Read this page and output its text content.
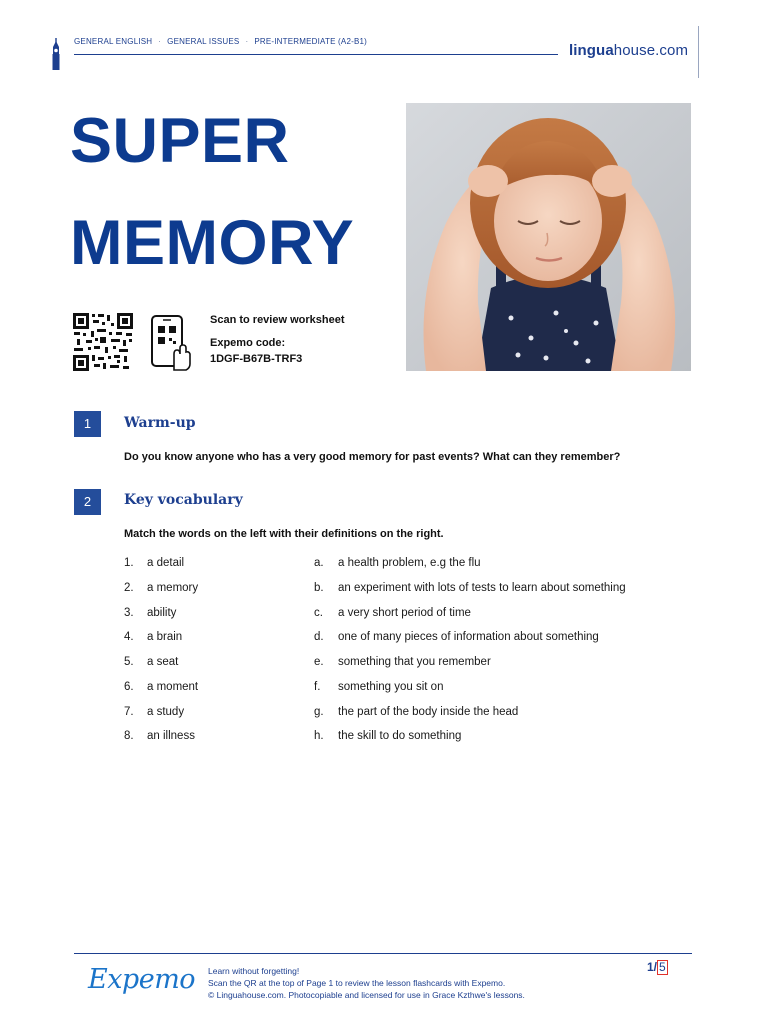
GENERAL ENGLISH · GENERAL ISSUES · PRE-INTERMEDIATE (A2-B1)
linguahouse.com
SUPER
MEMORY
Scan to review worksheet
Expemo code:
1DGF-B67B-TRF3
1	Warm-up
Do you know anyone who has a very good memory for past events? What can they remember?
2	Key vocabulary
Match the words on the left with their definitions on the right.
1. a detail	a. a health problem, e.g the flu
2. a memory	b. an experiment with lots of tests to learn about something
3. ability	c. a very short period of time
4. a brain	d. one of many pieces of information about something
5. a seat	e. something that you remember
6. a moment	f. something you sit on
7. a study	g. the part of the body inside the head
8. an illness	h. the skill to do something
Expemo Learn without forgetting!
Scan the QR at the top of Page 1 to review the lesson flashcards with Expemo.
© Linguahouse.com. Photocopiable and licensed for use in Grace Kzthwe's lessons.
1/ 5
